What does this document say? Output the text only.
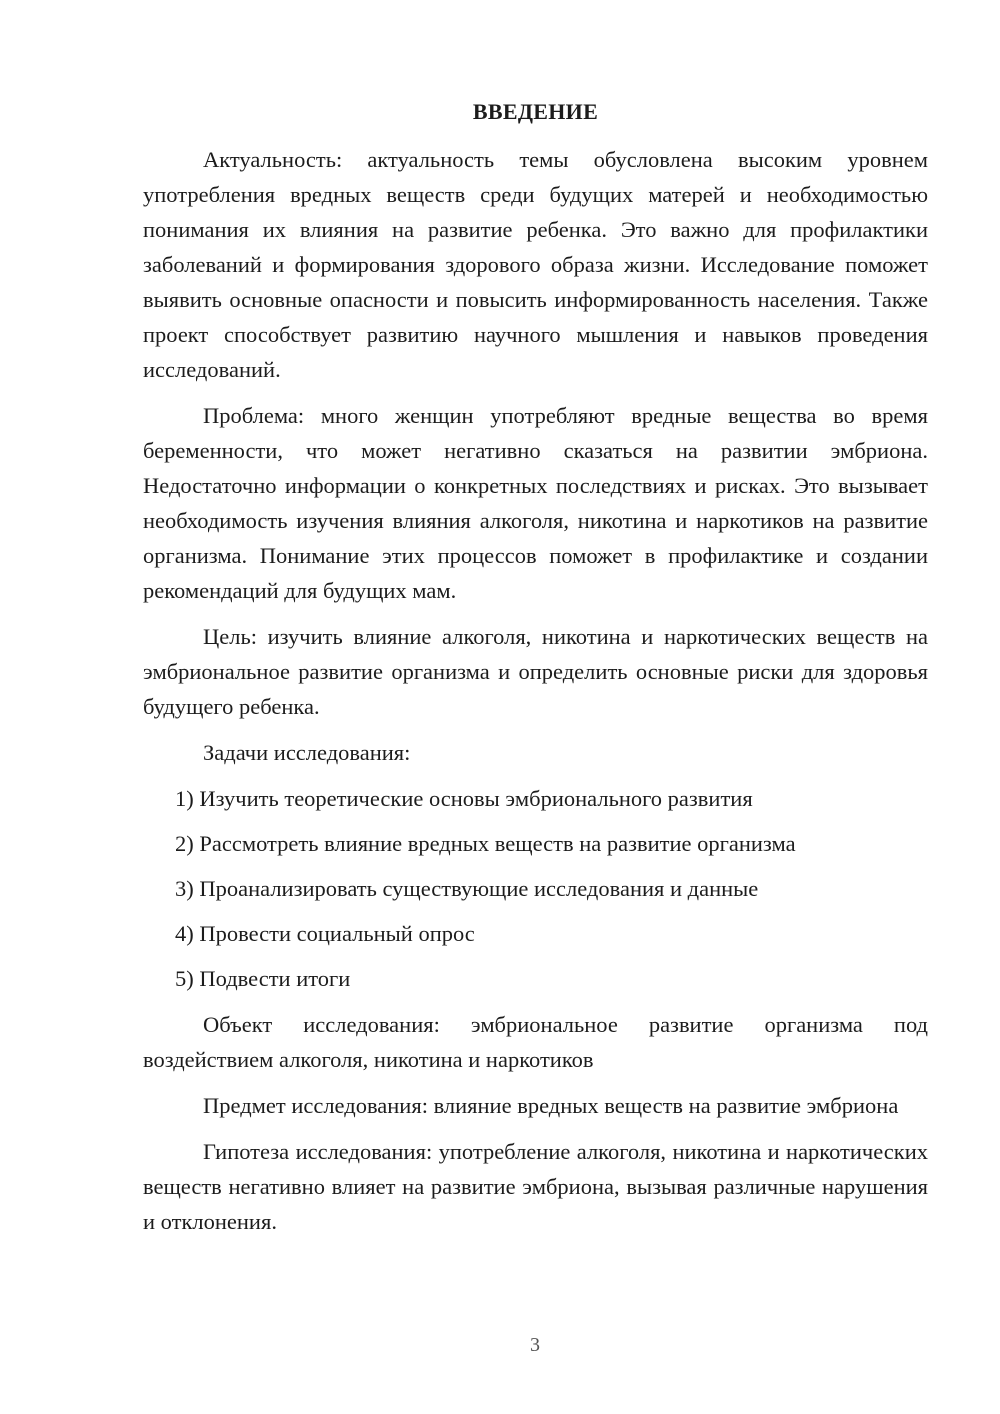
ВВЕДЕНИЕ

Актуальность: актуальность темы обусловлена высоким уровнем употребления вредных веществ среди будущих матерей и необходимостью понимания их влияния на развитие ребенка. Это важно для профилактики заболеваний и формирования здорового образа жизни. Исследование поможет выявить основные опасности и повысить информированность населения. Также проект способствует развитию научного мышления и навыков проведения исследований.

Проблема: много женщин употребляют вредные вещества во время беременности, что может негативно сказаться на развитии эмбриона. Недостаточно информации о конкретных последствиях и рисках. Это вызывает необходимость изучения влияния алкоголя, никотина и наркотиков на развитие организма. Понимание этих процессов поможет в профилактике и создании рекомендаций для будущих мам.

Цель: изучить влияние алкоголя, никотина и наркотических веществ на эмбриональное развитие организма и определить основные риски для здоровья будущего ребенка.

Задачи исследования:

1) Изучить теоретические основы эмбрионального развития
2) Рассмотреть влияние вредных веществ на развитие организма
3) Проанализировать существующие исследования и данные
4) Провести социальный опрос
5) Подвести итоги

Объект исследования: эмбриональное развитие организма под воздействием алкоголя, никотина и наркотиков

Предмет исследования: влияние вредных веществ на развитие эмбриона

Гипотеза исследования: употребление алкоголя, никотина и наркотических веществ негативно влияет на развитие эмбриона, вызывая различные нарушения и отклонения.

3
